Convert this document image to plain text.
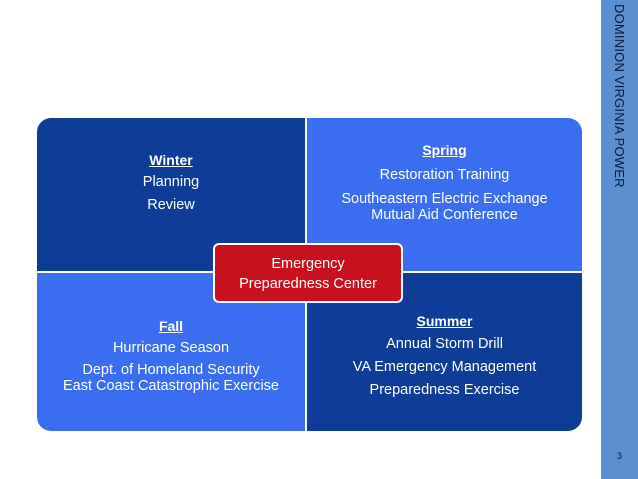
DOMINION VIRGINIA POWER
3
Winter
Planning
Review
Spring
Restoration Training
Southeastern Electric Exchange
Mutual Aid Conference
Fall
Hurricane Season
Dept. of Homeland Security
East Coast Catastrophic Exercise
Summer
Annual Storm Drill
VA Emergency Management
Preparedness Exercise
Emergency
Preparedness Center
